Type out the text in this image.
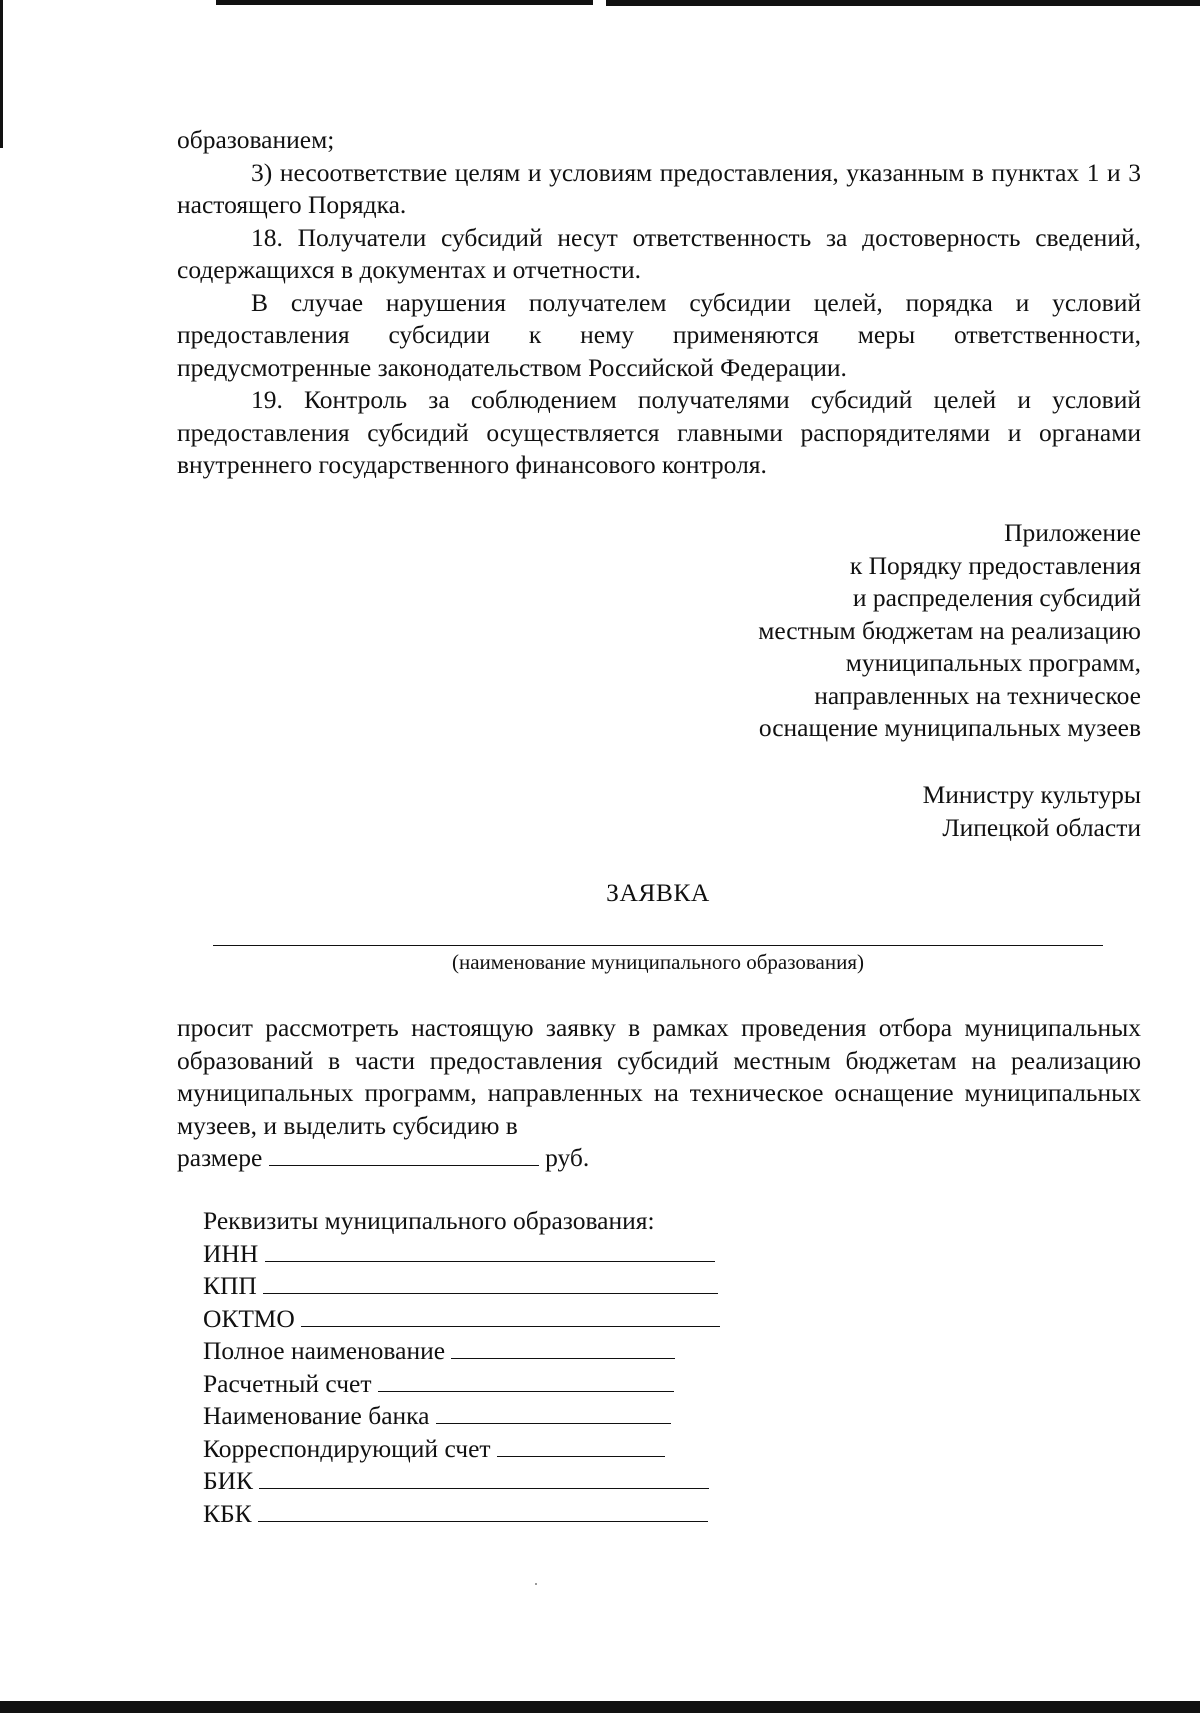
образованием;

3) несоответствие целям и условиям предоставления, указанным в пунктах 1 и 3 настоящего Порядка.

18. Получатели субсидий несут ответственность за достоверность сведений, содержащихся в документах и отчетности.

В случае нарушения получателем субсидии целей, порядка и условий предоставления субсидии к нему применяются меры ответственности, предусмотренные законодательством Российской Федерации.

19. Контроль за соблюдением получателями субсидий целей и условий предоставления субсидий осуществляется главными распорядителями и органами внутреннего государственного финансового контроля.

Приложение
к Порядку предоставления
и распределения субсидий
местным бюджетам на реализацию
муниципальных программ,
направленных на техническое
оснащение муниципальных музеев
Министру культуры
Липецкой области
ЗАЯВКА
(наименование муниципального образования)
просит рассмотреть настоящую заявку в рамках проведения отбора муниципальных образований в части предоставления субсидий местным бюджетам на реализацию муниципальных программ, направленных на техническое оснащение муниципальных музеев, и выделить субсидию в
размере	руб.
Реквизиты муниципального образования:
ИНН
КПП
ОКТМО
Полное наименование
Расчетный счет
Наименование банка
Корреспондирующий счет
БИК
КБК
